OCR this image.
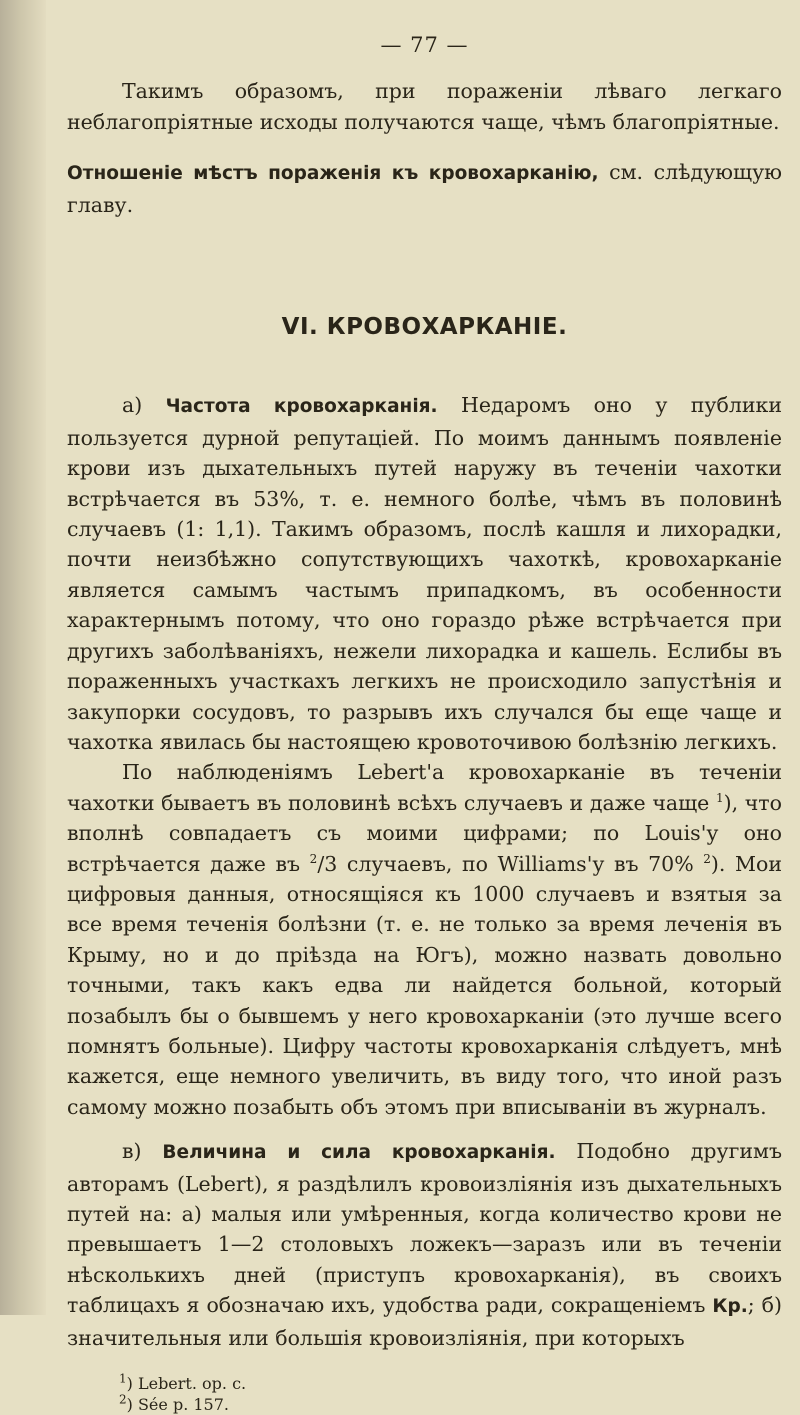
— 77 —

Такимъ образомъ, при пораженіи лѣваго легкаго неблагопріятные исходы получаются чаще, чѣмъ благопріятные.

Отношеніе мѣстъ пораженія къ кровохарканію, см. слѣдующую главу.

VI. КРОВОХАРКАНІЕ.

а) Частота кровохарканія. Недаромъ оно у публики пользуется дурной репутаціей. По моимъ даннымъ появленіе крови изъ дыхательныхъ путей наружу въ теченіи чахотки встрѣчается въ 53%, т. е. немного болѣе, чѣмъ въ половинѣ случаевъ (1: 1,1). Такимъ образомъ, послѣ кашля и лихорадки, почти неизбѣжно сопутствующихъ чахоткѣ, кровохарканіе является самымъ частымъ припадкомъ, въ особенности характернымъ потому, что оно гораздо рѣже встрѣчается при другихъ заболѣваніяхъ, нежели лихорадка и кашель. Еслибы въ пораженныхъ участкахъ легкихъ не происходило запустѣнія и закупорки сосудовъ, то разрывъ ихъ случался бы еще чаще и чахотка явилась бы настоящею кровоточивою болѣзнію легкихъ.

По наблюденіямъ Lebert'а кровохарканіе въ теченіи чахотки бываетъ въ половинѣ всѣхъ случаевъ и даже чаще $^1$), что вполнѣ совпадаетъ съ моими цифрами; по Louis'у оно встрѣчается даже въ $^2$/3 случаевъ, по Williams'у въ 70% $^2$). Мои цифровыя данныя, относящіяся къ 1000 случаевъ и взятыя за все время теченія болѣзни (т. е. не только за время леченія въ Крыму, но и до пріѣзда на Югъ), можно назвать довольно точными, такъ какъ едва ли найдется больной, который позабылъ бы о бывшемъ у него кровохарканіи (это лучше всего помнятъ больные). Цифру частоты кровохарканія слѣдуетъ, мнѣ кажется, еще немного увеличить, въ виду того, что иной разъ самому можно позабыть объ этомъ при вписываніи въ журналъ.

в) Величина и сила кровохарканія. Подобно другимъ авторамъ (Lebert), я раздѣлилъ кровоизліянія изъ дыхательныхъ путей на: а) малыя или умѣренныя, когда количество крови не превышаетъ 1—2 столовыхъ ложекъ—заразъ или въ теченіи нѣсколькихъ дней (приступъ кровохарканія), въ своихъ таблицахъ я обозначаю ихъ, удобства ради, сокращеніемъ Кр.; б) значительныя или большія кровоизліянія, при которыхъ

$^1$) Lebert. op. c.
$^2$) Sée p. 157.
